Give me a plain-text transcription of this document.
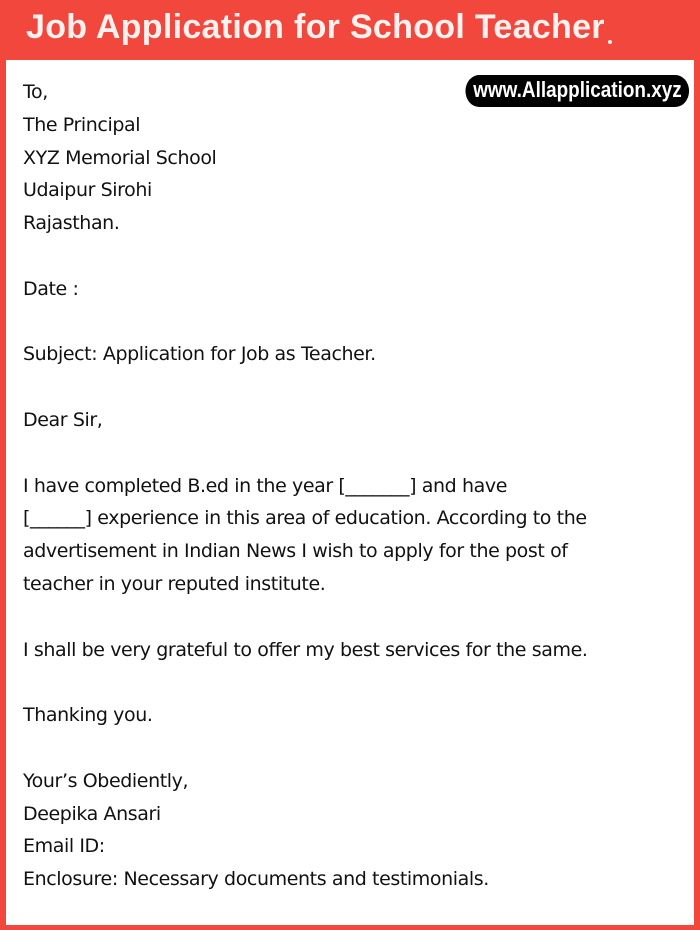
Job Application for School Teacher
www.Allapplication.xyz
To,
The Principal
XYZ Memorial School
Udaipur Sirohi
Rajasthan.
Date :
Subject: Application for Job as Teacher.
Dear Sir,
I have completed B.ed in the year [_______] and have
[______] experience in this area of education. According to the
advertisement in Indian News I wish to apply for the post of
teacher in your reputed institute.
I shall be very grateful to offer my best services for the same.
Thanking you.
Your’s Obediently,
Deepika Ansari
Email ID:
Enclosure: Necessary documents and testimonials.
